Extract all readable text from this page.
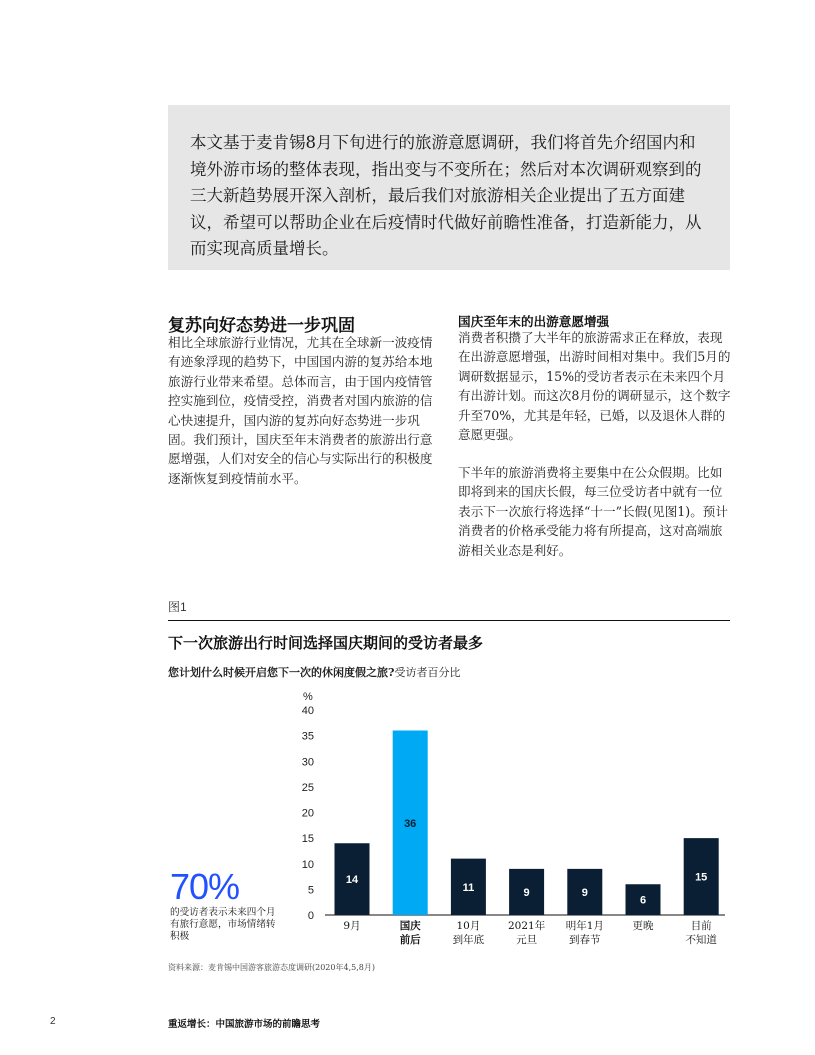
本文基于麦肯锡8月下旬进行的旅游意愿调研，我们将首先介绍国内和境外游市场的整体表现，指出变与不变所在；然后对本次调研观察到的三大新趋势展开深入剖析，最后我们对旅游相关企业提出了五方面建议，希望可以帮助企业在后疫情时代做好前瞻性准备，打造新能力，从而实现高质量增长。
复苏向好态势进一步巩固
相比全球旅游行业情况，尤其在全球新一波疫情有迹象浮现的趋势下，中国国内游的复苏给本地旅游行业带来希望。总体而言，由于国内疫情管控实施到位，疫情受控，消费者对国内旅游的信心快速提升，国内游的复苏向好态势进一步巩固。我们预计，国庆至年末消费者的旅游出行意愿增强，人们对安全的信心与实际出行的积极度逐渐恢复到疫情前水平。
国庆至年末的出游意愿增强
消费者积攒了大半年的旅游需求正在释放，表现在出游意愿增强，出游时间相对集中。我们5月的调研数据显示，15%的受访者表示在未来四个月有出游计划。而这次8月份的调研显示，这个数字升至70%，尤其是年轻，已婚，以及退休人群的意愿更强。
下半年的旅游消费将主要集中在公众假期。比如即将到来的国庆长假，每三位受访者中就有一位表示下一次旅行将选择“十一”长假(见图1)。预计消费者的价格承受能力将有所提高，这对高端旅游相关业态是利好。
图1
下一次旅游出行时间选择国庆期间的受访者最多
您计划什么时候开启您下一次的休闲度假之旅?受访者百分比
%
0
5
10
15
20
25
30
35
40
14
9月
36
国庆
前后
11
10月
到年底
9
2021年
元旦
9
明年1月
到春节
6
更晚
15
目前
不知道
70%
的受访者表示未来四个月有旅行意愿，市场情绪转积极
资料来源：麦肯锡中国游客旅游态度调研(2020年4,5,8月)
2	重返增长：中国旅游市场的前瞻思考
